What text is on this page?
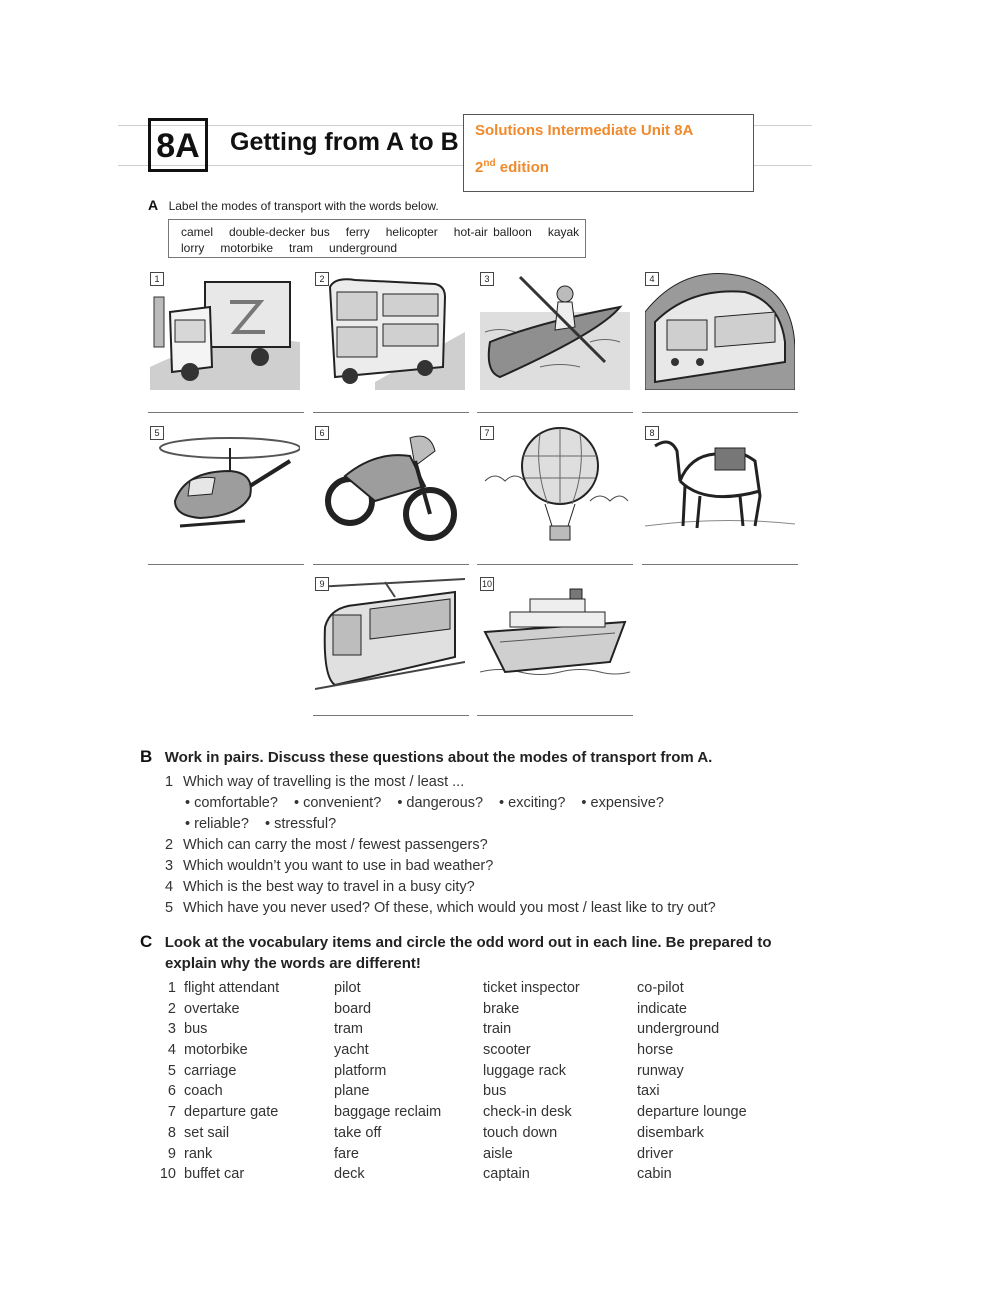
8A	Getting from A to B Solutions Intermediate Unit 8A
2nd edition
A Label the modes of transport with the words below.
camel   double-decker bus   ferry   helicopter   hot-air balloon   kayak
lorry   motorbike   tram   underground
1	2	3	4
5	6	7	8
9	10
B Work in pairs. Discuss these questions about the modes of transport from A.
1 Which way of travelling is the most / least ...
• comfortable? • convenient? • dangerous? • exciting? • expensive?
• reliable? • stressful?
2 Which can carry the most / fewest passengers?
3 Which wouldn’t you want to use in bad weather?
4 Which is the best way to travel in a busy city?
5 Which have you never used? Of these, which would you most / least like to try out?
C Look at the vocabulary items and circle the odd word out in each line. Be prepared to
explain why the words are different!
1	flight attendant	pilot	ticket inspector	co-pilot
2	overtake	board	brake	indicate
3	bus	tram	train	underground
4	motorbike	yacht	scooter	horse
5	carriage	platform	luggage rack	runway
6	coach	plane	bus	taxi
7	departure gate	baggage reclaim	check-in desk	departure lounge
8	set sail	take off	touch down	disembark
9	rank	fare	aisle	driver
10	buffet car	deck	captain	cabin
